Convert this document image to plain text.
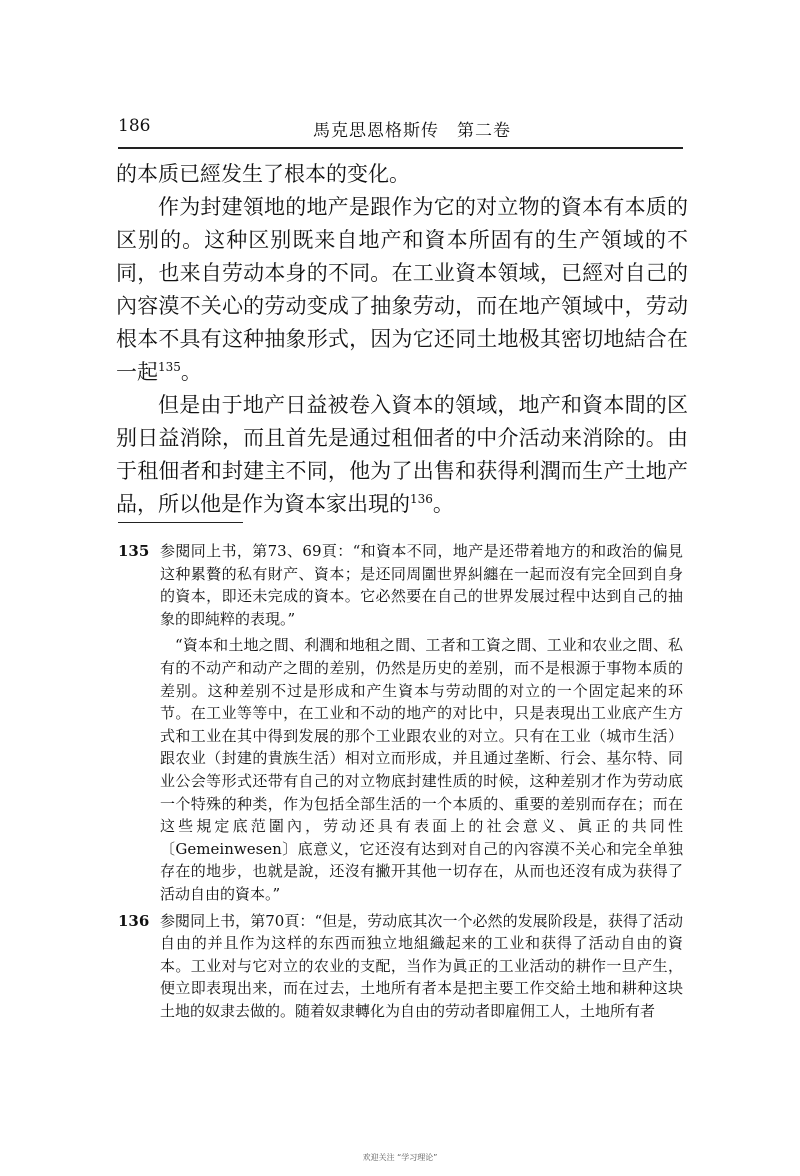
186	馬克思恩格斯传　第二卷

的本质已經发生了根本的变化。

作为封建領地的地产是跟作为它的对立物的資本有本质的区别的。这种区别既来自地产和資本所固有的生产領域的不同，也来自劳动本身的不同。在工业資本領域，已經对自己的內容漠不关心的劳动变成了抽象劳动，而在地产領域中，劳动根本不具有这种抽象形式，因为它还同土地极其密切地結合在一起$^{135}$。

但是由于地产日益被卷入資本的領域，地产和資本間的区别日益消除，而且首先是通过租佃者的中介活动来消除的。由于租佃者和封建主不同，他为了出售和获得利潤而生产土地产品，所以他是作为資本家出現的$^{136}$。

135 参閱同上书，第73、69頁：“和資本不同，地产是还带着地方的和政治的偏見这种累贅的私有財产、資本；是还同周圍世界糾纏在一起而沒有完全回到自身的資本，即还未完成的資本。它必然要在自己的世界发展过程中达到自己的抽象的即純粹的表現。”

“資本和土地之間、利潤和地租之間、工者和工資之間、工业和农业之間、私有的不动产和动产之間的差别，仍然是历史的差别，而不是根源于事物本质的差别。这种差别不过是形成和产生資本与劳动間的对立的一个固定起来的环节。在工业等等中，在工业和不动的地产的对比中，只是表現出工业底产生方式和工业在其中得到发展的那个工业跟农业的对立。只有在工业（城市生活）跟农业（封建的貴族生活）相对立而形成，并且通过垄断、行会、基尔特、同业公会等形式还带有自己的对立物底封建性质的时候，这种差别才作为劳动底一个特殊的种类，作为包括全部生活的一个本质的、重要的差别而存在；而在这些規定底范圍內，劳动还具有表面上的社会意义、眞正的共同性〔Gemeinwesen〕底意义，它还沒有达到对自己的內容漠不关心和完全单独存在的地步，也就是說，还沒有撇开其他一切存在，从而也还沒有成为获得了活动自由的資本。”

136 参閱同上书，第70頁：“但是，劳动底其次一个必然的发展阶段是，获得了活动自由的并且作为这样的东西而独立地組織起来的工业和获得了活动自由的資本。工业对与它对立的农业的支配，当作为眞正的工业活动的耕作一旦产生，便立即表現出来，而在过去，土地所有者本是把主要工作交給土地和耕种这块土地的奴隶去做的。随着奴隶轉化为自由的劳动者即雇佣工人，土地所有者

欢迎关注 “学习理论”
